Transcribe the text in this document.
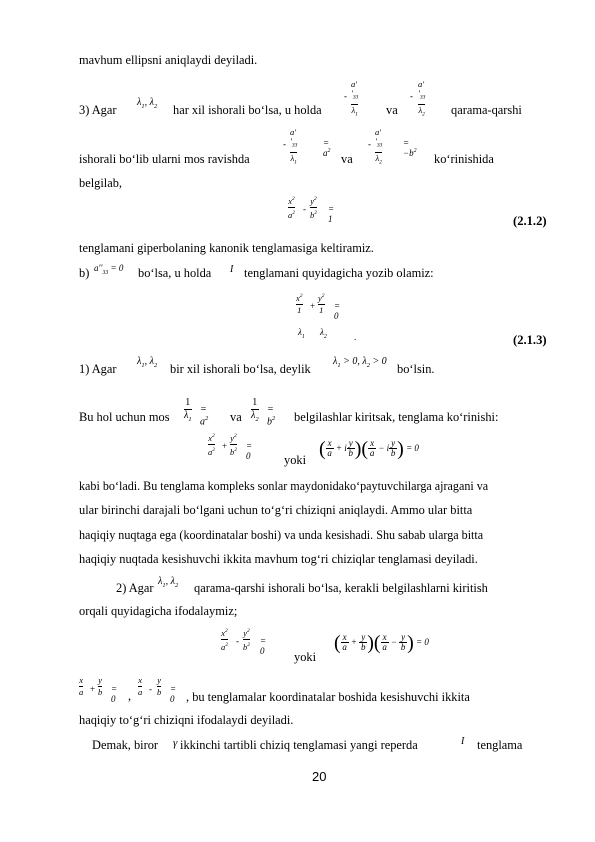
mavhum ellipsni aniqlaydi deyiladi.
3) Agar
$\lambda_1$, $\lambda_2$ har xil ishorali bo‘lsa, u holda
-
$a''_{33}$
$\lambda_1$ va
-
$a''_{33}$
$\lambda_2$ qarama-qarshi
ishorali bo‘lib ularni mos ravishda
-
$a''_{33}$
$\lambda_1$
= $a^2$
va
-
$a''_{33}$
$\lambda_2$
= $-b^2$
ko‘rinishida
belgilab,
$x^2$
$a^2$ -
$y^2$
$b^2 = 1$	(2.1.2)
tenglamani giperbolaning kanonik tenglamasiga keltiramiz.
b) $a''_{33} = 0$ bo‘lsa, u holda I tenglamani quyidagicha yozib olamiz:
$x^2$
1 +
$y^2$
1 = 0
$\lambda_1$ $\lambda_2$	.	(2.1.3)
1) Agar
$\lambda_1$, $\lambda_2$ bir xil ishorali bo‘lsa, deylik
$\lambda_1 > 0$, $\lambda_2 > 0$
bo‘lsin.
Bu hol uchun mos
1
$\lambda_1$
= $a^2$ va
1
$\lambda_2$
= $b^2$ belgilashlar kiritsak, tenglama ko‘rinishi:
$x^2$
$a^2$ +
$y^2$
$b^2 = 0$	yoki ( $\frac{x}{a} + i \frac{y}{b}$ )( $\frac{x}{a} - i \frac{y}{b}$ ) = 0
kabi bo‘ladi. Bu tenglama kompleks sonlar maydonidako‘paytuvchilarga ajragani va
ular birinchi darajali bo‘lgani uchun to‘g‘ri chiziqni aniqlaydi. Ammo ular bitta
haqiqiy nuqtaga ega (koordinatalar boshi) va unda kesishadi. Shu sabab ularga bitta
haqiqiy nuqtada kesishuvchi ikkita mavhum tog‘ri chiziqlar tenglamasi deyiladi.
2) Agar $\lambda_1$, $\lambda_2$ qarama-qarshi ishorali bo‘lsa, kerakli belgilashlarni kiritish
orqali quyidagicha ifodalaymiz;
$x^2$
$a^2$ -
$y^2$
$b^2 = 0$ yoki
( $\frac{x}{a} + \frac{y}{b}$ )( $\frac{x}{a} - \frac{y}{b}$ ) = 0
x
a +
y
b = 0 ,
x
a -
y
b = 0 , bu tenglamalar koordinatalar boshida kesishuvchi ikkita
haqiqiy to‘g‘ri chiziqni ifodalaydi deyiladi.
Demak, biror γ ikkinchi tartibli chiziq tenglamasi yangi reperda	I tenglama
20
